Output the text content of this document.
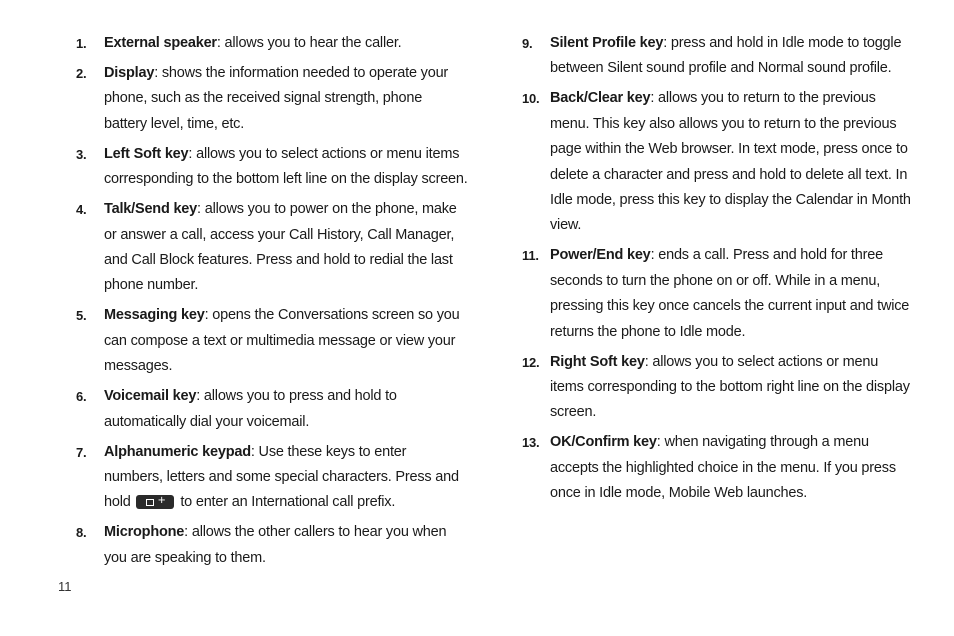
1.	External speaker: allows you to hear the caller.
2.	Display: shows the information needed to operate your phone, such as the received signal strength, phone battery level, time, etc.
3.	Left Soft key: allows you to select actions or menu items corresponding to the bottom left line on the display screen.
4.	Talk/Send key: allows you to power on the phone, make or answer a call, access your Call History, Call Manager, and Call Block features. Press and hold to redial the last phone number.
5.	Messaging key: opens the Conversations screen so you can compose a text or multimedia message or view your messages.
6.	Voicemail key: allows you to press and hold to automatically dial your voicemail.
7.	Alphanumeric keypad: Use these keys to enter numbers, letters and some special characters. Press and hold	+ to enter an International call prefix.
8.	Microphone: allows the other callers to hear you when you are speaking to them.
9.	Silent Profile key: press and hold in Idle mode to toggle between Silent sound profile and Normal sound profile.
10. Back/Clear key: allows you to return to the previous menu. This key also allows you to return to the previous page within the Web browser. In text mode, press once to delete a character and press and hold to delete all text. In Idle mode, press this key to display the Calendar in Month view.
11. Power/End key: ends a call. Press and hold for three seconds to turn the phone on or off. While in a menu, pressing this key once cancels the current input and twice returns the phone to Idle mode.
12. Right Soft key: allows you to select actions or menu items corresponding to the bottom right line on the display screen.
13. OK/Confirm key: when navigating through a menu accepts the highlighted choice in the menu. If you press once in Idle mode, Mobile Web launches.
11
